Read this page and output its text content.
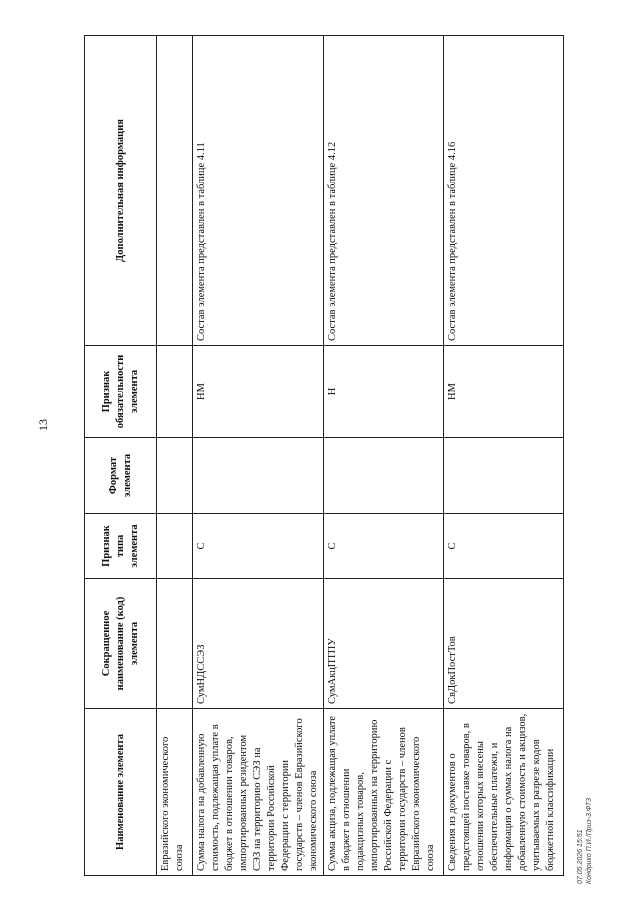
13
Наименование элемента	Сокращенное наименование (код) элемента	Признак типа элемента	Формат элемента	Признак обязательности элемента	Дополнительная информация
Евразийского экономического союза					
Сумма налога на добавленную стоимость, подлежащая уплате в бюджет в отношении товаров, импортированных резидентом СЭЗ на территорию СЭЗ на территории Российской Федерации с территории государств – членов Евразийского экономического союза	СумНДССЭЗ	С		НМ	Состав элемента представлен в таблице 4.11
Сумма акциза, подлежащая уплате в бюджет в отношении подакцизных товаров, импортированных на территорию Российской Федерации с территории государств – членов Евразийского экономического союза	СумАкцПТПУ	С		Н	Состав элемента представлен в таблице 4.12
Сведения из документов о предстоящей поставке товаров, в отношении которых внесены обеспечительные платежи, и информация о суммах налога на добавленную стоимость и акцизов, учитываемых в разрезе кодов бюджетной классификации	СвДокПостТов	С		НМ	Состав элемента представлен в таблице 4.16
07.05.2026 15:51 Кондрико П.И./Приз-3.ФТ3
